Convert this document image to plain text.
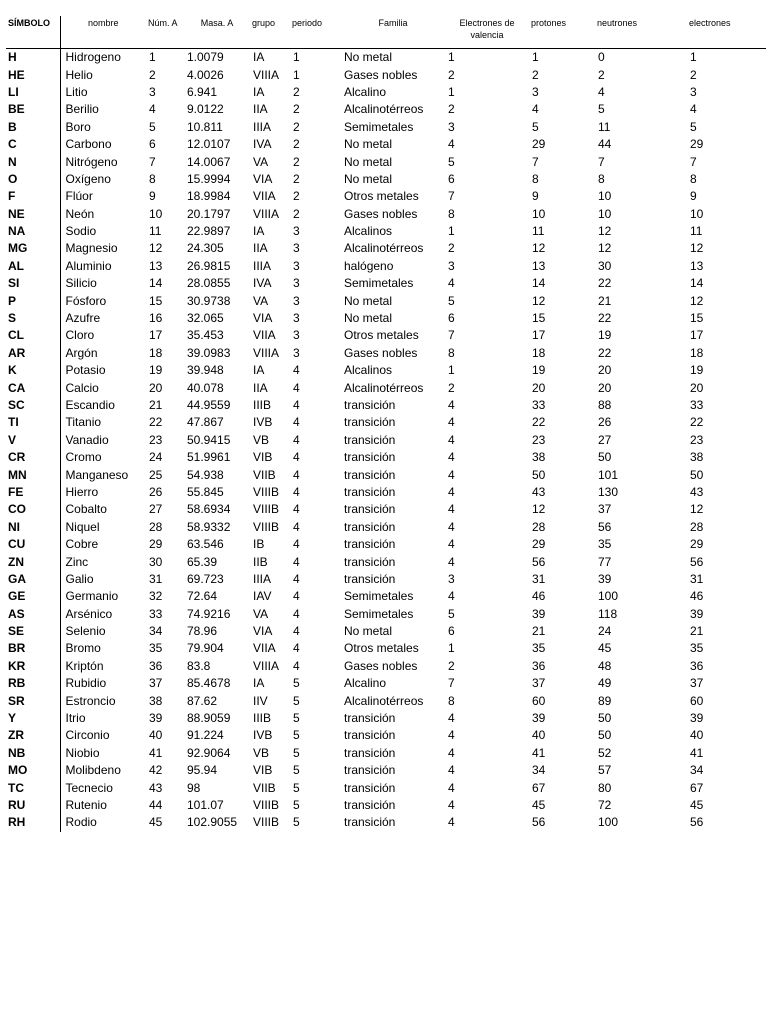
SÍMBOLO	nombre	Núm. A	Masa. A	grupo	periodo	Familia	Electrones de valencia	protones	neutrones	electrones
H	Hidrogeno	1	1.0079	IA	1	No metal	1	1	0	1
HE	Helio	2	4.0026	VIIIA	1	Gases nobles	2	2	2	2
LI	Litio	3	6.941	IA	2	Alcalino	1	3	4	3
BE	Berilio	4	9.0122	IIA	2	Alcalinotérreos	2	4	5	4
B	Boro	5	10.811	IIIA	2	Semimetales	3	5	11	5
C	Carbono	6	12.0107	IVA	2	No metal	4	29	44	29
N	Nitrógeno	7	14.0067	VA	2	No metal	5	7	7	7
O	Oxígeno	8	15.9994	VIA	2	No metal	6	8	8	8
F	Flúor	9	18.9984	VIIA	2	Otros metales	7	9	10	9
NE	Neón	10	20.1797	VIIIA	2	Gases nobles	8	10	10	10
NA	Sodio	11	22.9897	IA	3	Alcalinos	1	11	12	11
MG	Magnesio	12	24.305	IIA	3	Alcalinotérreos	2	12	12	12
AL	Aluminio	13	26.9815	IIIA	3	halógeno	3	13	30	13
SI	Silicio	14	28.0855	IVA	3	Semimetales	4	14	22	14
P	Fósforo	15	30.9738	VA	3	No metal	5	12	21	12
S	Azufre	16	32.065	VIA	3	No metal	6	15	22	15
CL	Cloro	17	35.453	VIIA	3	Otros metales	7	17	19	17
AR	Argón	18	39.0983	VIIIA	3	Gases nobles	8	18	22	18
K	Potasio	19	39.948	IA	4	Alcalinos	1	19	20	19
CA	Calcio	20	40.078	IIA	4	Alcalinotérreos	2	20	20	20
SC	Escandio	21	44.9559	IIIB	4	transición	4	33	88	33
TI	Titanio	22	47.867	IVB	4	transición	4	22	26	22
V	Vanadio	23	50.9415	VB	4	transición	4	23	27	23
CR	Cromo	24	51.9961	VIB	4	transición	4	38	50	38
MN	Manganeso	25	54.938	VIIB	4	transición	4	50	101	50
FE	Hierro	26	55.845	VIIIB	4	transición	4	43	130	43
CO	Cobalto	27	58.6934	VIIIB	4	transición	4	12	37	12
NI	Niquel	28	58.9332	VIIIB	4	transición	4	28	56	28
CU	Cobre	29	63.546	IB	4	transición	4	29	35	29
ZN	Zinc	30	65.39	IIB	4	transición	4	56	77	56
GA	Galio	31	69.723	IIIA	4	transición	3	31	39	31
GE	Germanio	32	72.64	IAV	4	Semimetales	4	46	100	46
AS	Arsénico	33	74.9216	VA	4	Semimetales	5	39	118	39
SE	Selenio	34	78.96	VIA	4	No metal	6	21	24	21
BR	Bromo	35	79.904	VIIA	4	Otros metales	1	35	45	35
KR	Kriptón	36	83.8	VIIIA	4	Gases nobles	2	36	48	36
RB	Rubidio	37	85.4678	IA	5	Alcalino	7	37	49	37
SR	Estroncio	38	87.62	IIV	5	Alcalinotérreos	8	60	89	60
Y	Itrio	39	88.9059	IIIB	5	transición	4	39	50	39
ZR	Circonio	40	91.224	IVB	5	transición	4	40	50	40
NB	Niobio	41	92.9064	VB	5	transición	4	41	52	41
MO	Molibdeno	42	95.94	VIB	5	transición	4	34	57	34
TC	Tecnecio	43	98	VIIB	5	transición	4	67	80	67
RU	Rutenio	44	101.07	VIIIB	5	transición	4	45	72	45
RH	Rodio	45	102.9055	VIIIB	5	transición	4	56	100	56
